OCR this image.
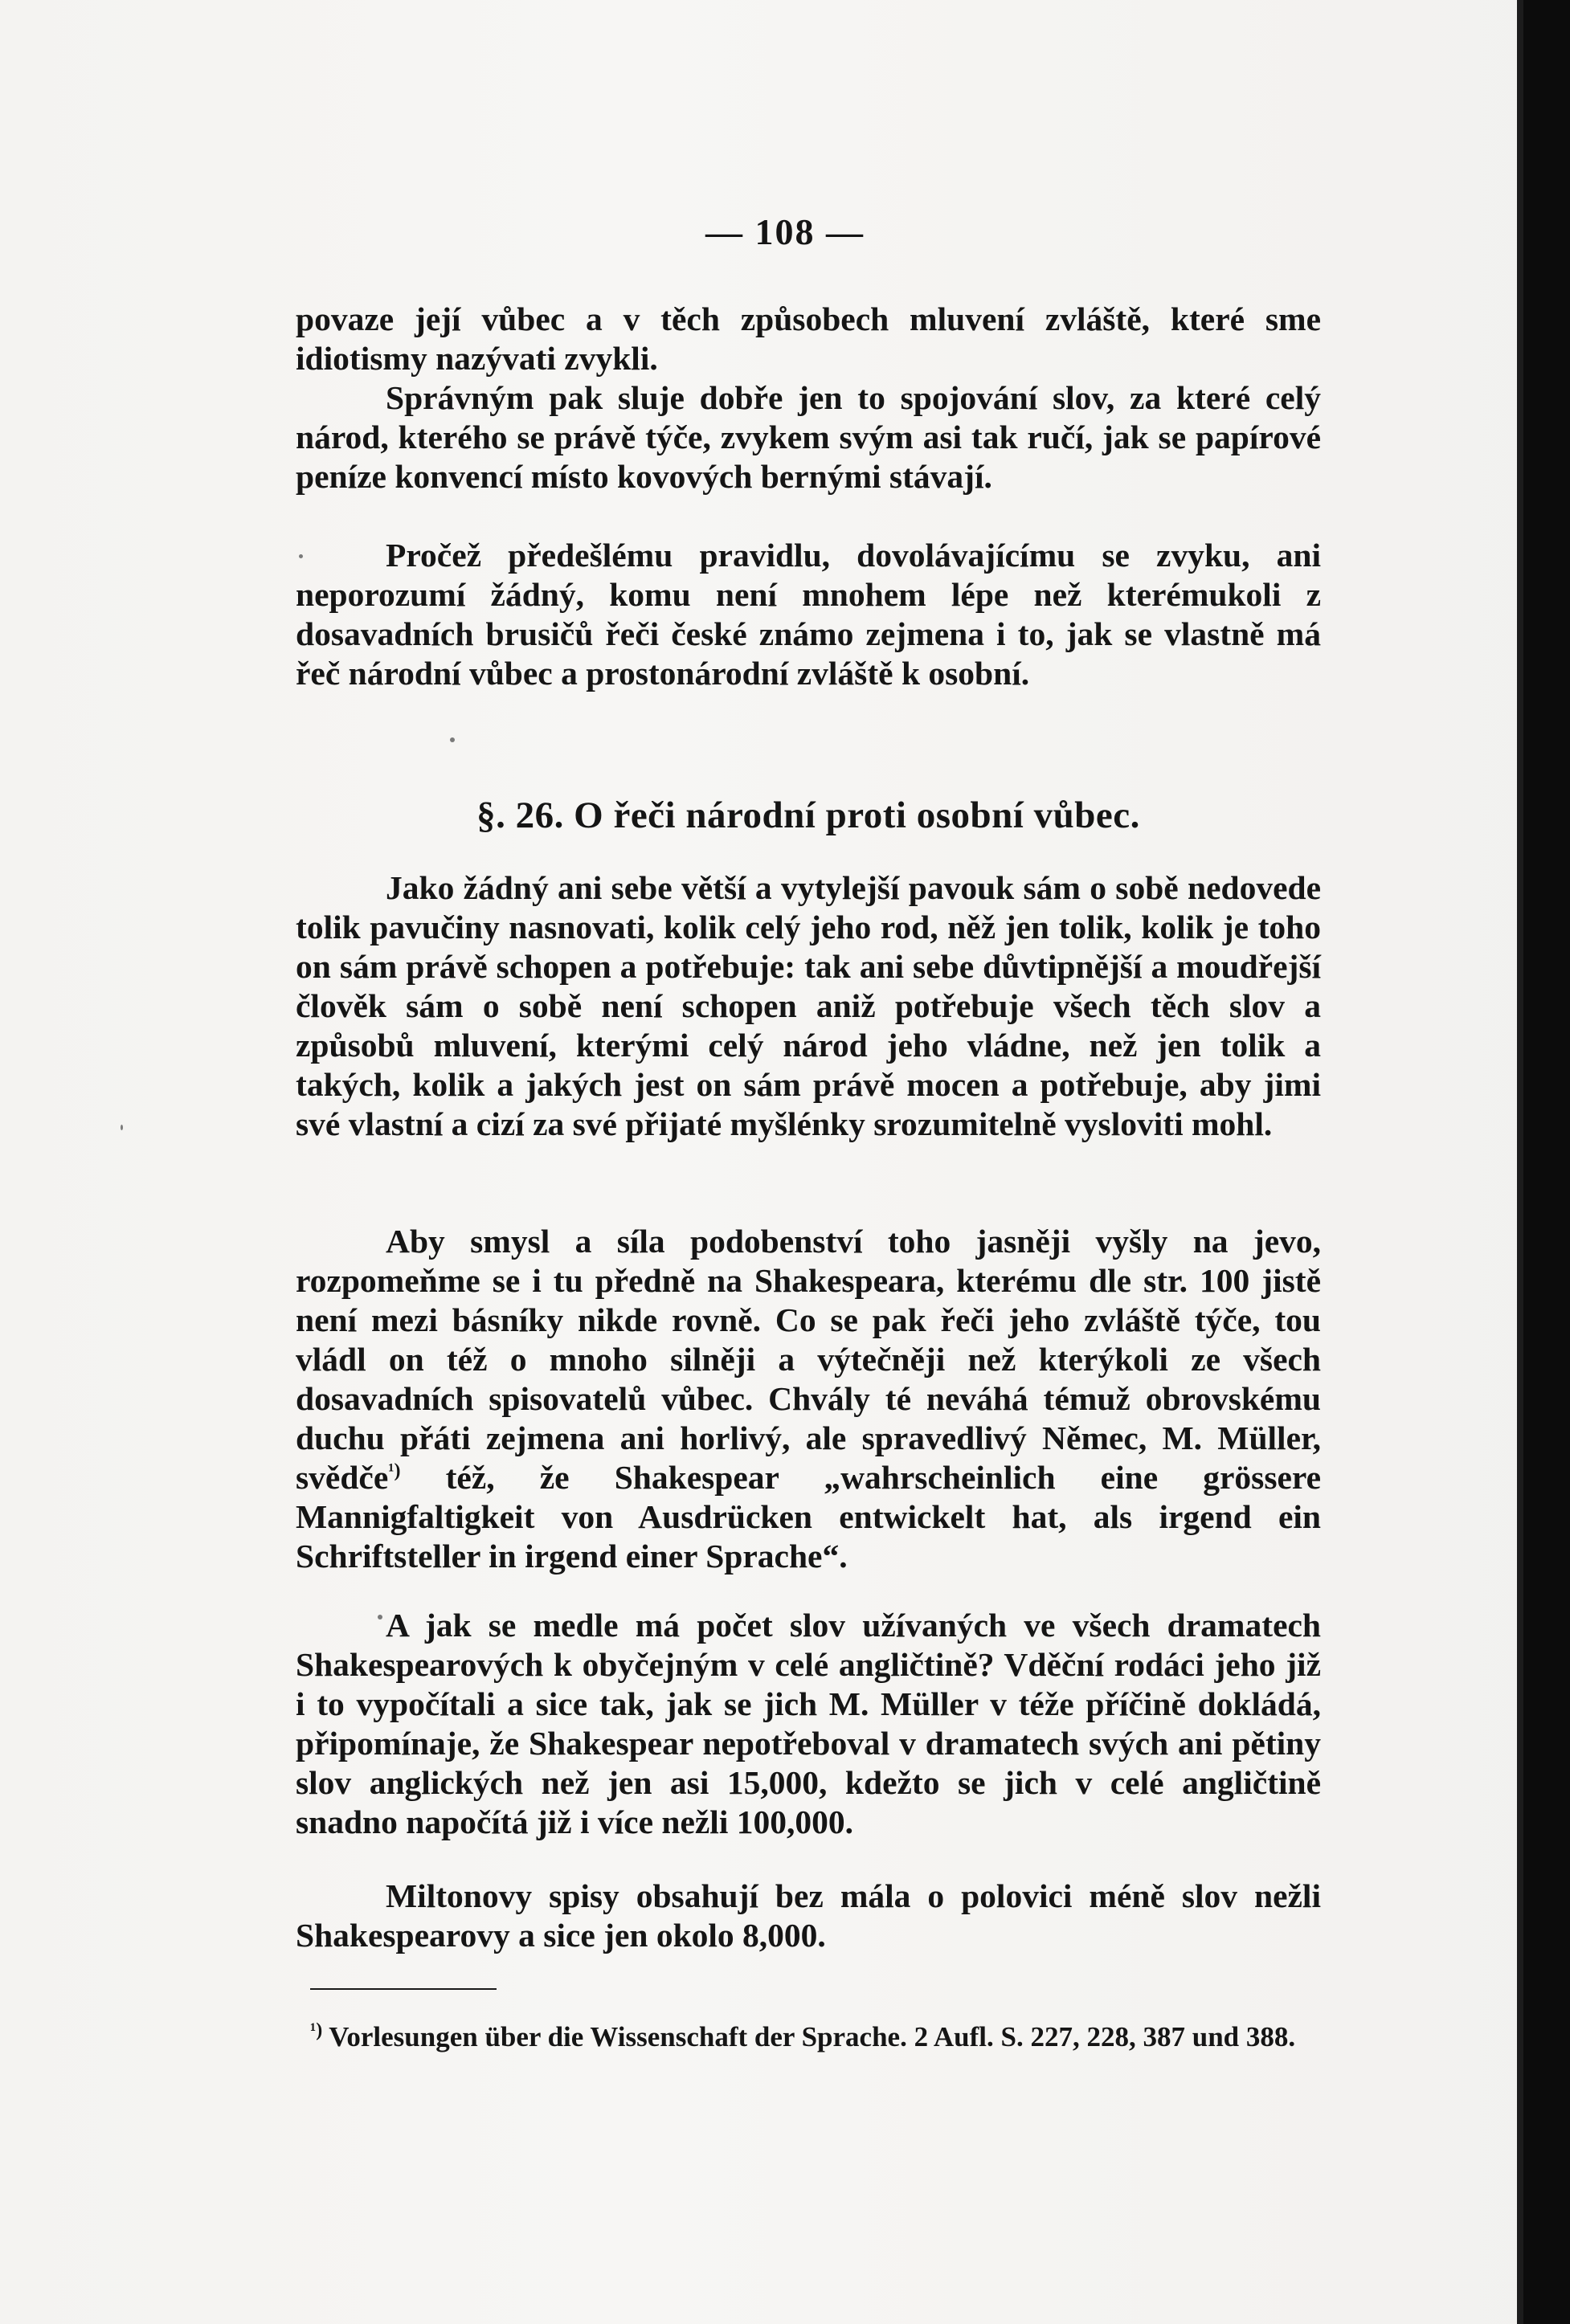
— 108 —

povaze její vůbec a v těch způsobech mluvení zvláště, které sme idiotismy nazývati zvykli.

Správným pak sluje dobře jen to spojování slov, za které celý národ, kterého se právě týče, zvykem svým asi tak ručí, jak se papírové peníze konvencí místo kovových bernými stávají.

Pročež předešlému pravidlu, dovolávajícímu se zvyku, ani neporozumí žádný, komu není mnohem lépe než kterémukoli z dosavadních brusičů řeči české známo zejmena i to, jak se vlastně má řeč národní vůbec a prostonárodní zvláště k osobní.

§. 26. O řeči národní proti osobní vůbec.

Jako žádný ani sebe větší a vytylejší pavouk sám o sobě nedovede tolik pavučiny nasnovati, kolik celý jeho rod, něž jen tolik, kolik je toho on sám právě schopen a potřebuje: tak ani sebe důvtipnější a moudřejší člověk sám o sobě není schopen aniž potřebuje všech těch slov a způsobů mluvení, kterými celý národ jeho vládne, než jen tolik a takých, kolik a jakých jest on sám právě mocen a potřebuje, aby jimi své vlastní a cizí za své přijaté myšlénky srozumitelně vysloviti mohl.

Aby smysl a síla podobenství toho jasněji vyšly na jevo, rozpomeňme se i tu předně na Shakespeara, kterému dle str. 100 jistě není mezi básníky nikde rovně. Co se pak řeči jeho zvláště týče, tou vládl on též o mnoho silněji a výtečněji než kterýkoli ze všech dosavadních spisovatelů vůbec. Chvály té neváhá témuž obrovskému duchu přáti zejmena ani horlivý, ale spravedlivý Němec, M. Müller, svědče$^{^1)}$ též, že Shakespear „wahrscheinlich eine grössere Mannigfaltigkeit von Ausdrücken entwickelt hat, als irgend ein Schriftsteller in irgend einer Sprache“.

A jak se medle má počet slov užívaných ve všech dramatech Shakespearových k obyčejným v celé angličtině? Vděční rodáci jeho již i to vypočítali a sice tak, jak se jich M. Müller v téže příčině dokládá, připomínaje, že Shakespear nepotřeboval v dramatech svých ani pětiny slov anglických než jen asi 15,000, kdežto se jich v celé angličtině snadno napočítá již i více nežli 100,000.

Miltonovy spisy obsahují bez mála o polovici méně slov nežli Shakespearovy a sice jen okolo 8,000.

$^{^1)}$ Vorlesungen über die Wissenschaft der Sprache. 2 Aufl. S. 227, 228, 387 und 388.
